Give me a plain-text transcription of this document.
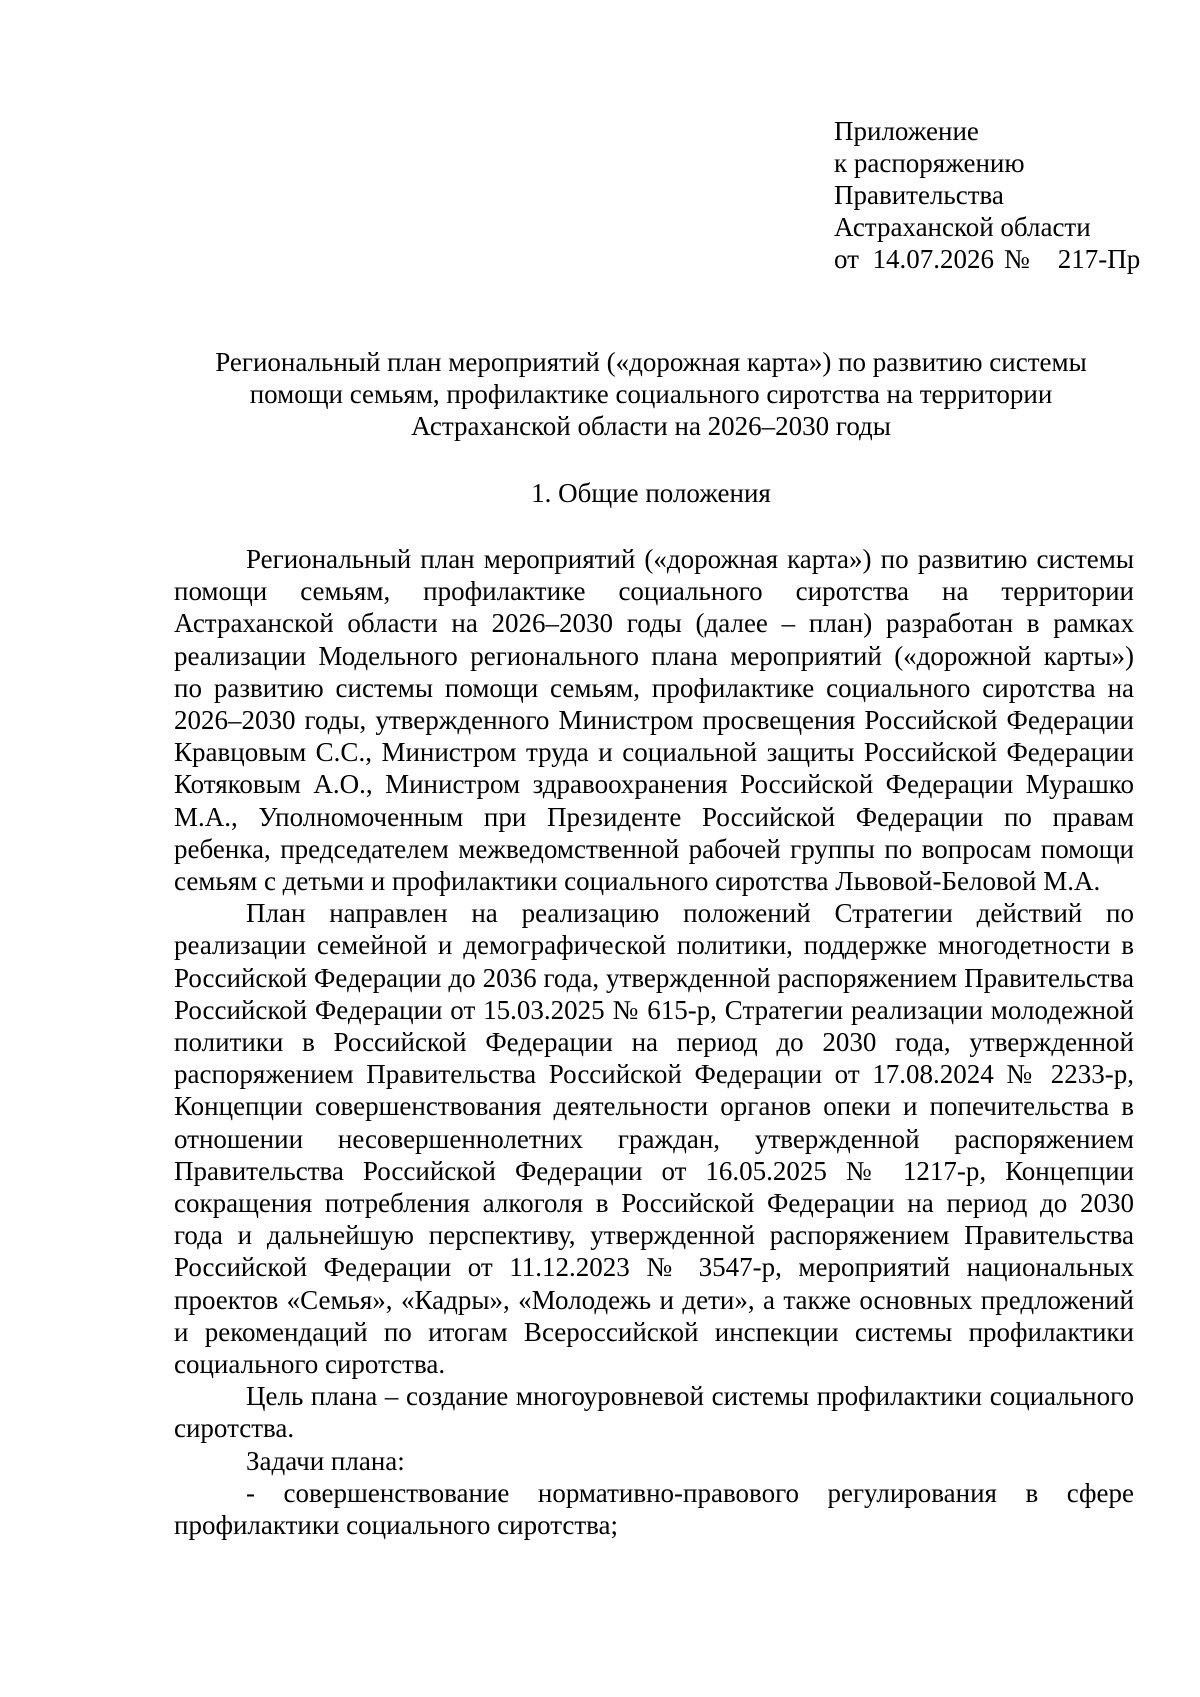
Приложение
к распоряжению
Правительства
Астраханской области
от 14.07.2026 № 217-Пр
Региональный план мероприятий («дорожная карта») по развитию системы помощи семьям, профилактике социального сиротства на территории Астраханской области на 2026–2030 годы
1. Общие положения

Региональный план мероприятий («дорожная карта») по развитию системы помощи семьям, профилактике социального сиротства на территории Астраханской области на 2026–2030 годы (далее – план) разработан в рамках реализации Модельного регионального плана мероприятий («дорожной карты») по развитию системы помощи семьям, профилактике социального сиротства на 2026–2030 годы, утвержденного Министром просвещения Российской Федерации Кравцовым С.С., Министром труда и социальной защиты Российской Федерации Котяковым А.О., Министром здравоохранения Российской Федерации Мурашко М.А., Уполномоченным при Президенте Российской Федерации по правам ребенка, председателем межведомственной рабочей группы по вопросам помощи семьям с детьми и профилактики социального сиротства Львовой-Беловой М.А.

План направлен на реализацию положений Стратегии действий по реализации семейной и демографической политики, поддержке многодетности в Российской Федерации до 2036 года, утвержденной распоряжением Правительства Российской Федерации от 15.03.2025 № 615-р, Стратегии реализации молодежной политики в Российской Федерации на период до 2030 года, утвержденной распоряжением Правительства Российской Федерации от 17.08.2024 № 2233-р, Концепции совершенствования деятельности органов опеки и попечительства в отношении несовершеннолетних граждан, утвержденной распоряжением Правительства Российской Федерации от 16.05.2025 № 1217-р, Концепции сокращения потребления алкоголя в Российской Федерации на период до 2030 года и дальнейшую перспективу, утвержденной распоряжением Правительства Российской Федерации от 11.12.2023 № 3547-р, мероприятий национальных проектов «Семья», «Кадры», «Молодежь и дети», а также основных предложений и рекомендаций по итогам Всероссийской инспекции системы профилактики социального сиротства.

Цель плана – создание многоуровневой системы профилактики социального сиротства.

Задачи плана:

- совершенствование нормативно-правового регулирования в сфере профилактики социального сиротства;
